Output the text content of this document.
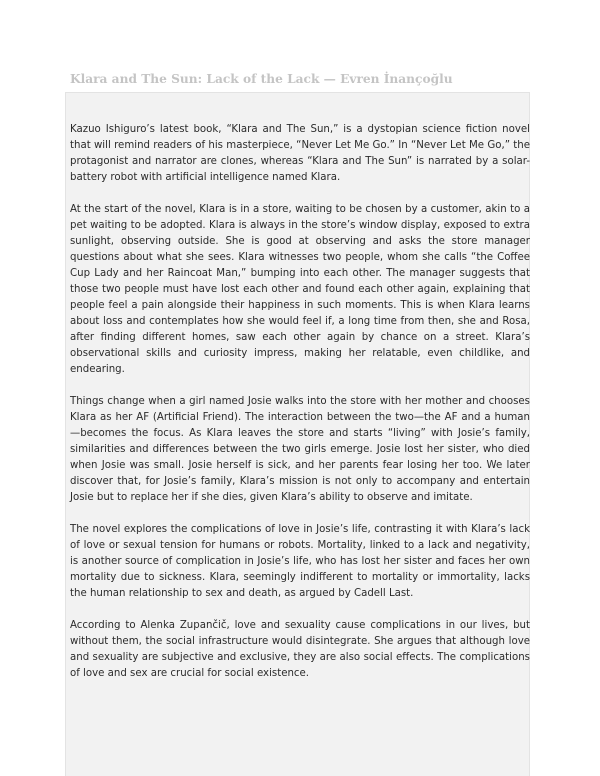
Klara and The Sun: Lack of the Lack — Evren İnançoğlu

Kazuo Ishiguro’s latest book, “Klara and The Sun,” is a dystopian science fiction novel that will remind readers of his masterpiece, “Never Let Me Go.” In “Never Let Me Go,” the protagonist and narrator are clones, whereas “Klara and The Sun” is narrated by a solar-battery robot with artificial intelligence named Klara.

At the start of the novel, Klara is in a store, waiting to be chosen by a customer, akin to a pet waiting to be adopted. Klara is always in the store’s window display, exposed to extra sunlight, observing outside. She is good at observing and asks the store manager questions about what she sees. Klara witnesses two people, whom she calls “the Coffee Cup Lady and her Raincoat Man,” bumping into each other. The manager suggests that those two people must have lost each other and found each other again, explaining that people feel a pain alongside their happiness in such moments. This is when Klara learns about loss and contemplates how she would feel if, a long time from then, she and Rosa, after finding different homes, saw each other again by chance on a street. Klara’s observational skills and curiosity impress, making her relatable, even childlike, and endearing.

Things change when a girl named Josie walks into the store with her mother and chooses Klara as her AF (Artificial Friend). The interaction between the two—the AF and a human—becomes the focus. As Klara leaves the store and starts “living” with Josie’s family, similarities and differences between the two girls emerge. Josie lost her sister, who died when Josie was small. Josie herself is sick, and her parents fear losing her too. We later discover that, for Josie’s family, Klara’s mission is not only to accompany and entertain Josie but to replace her if she dies, given Klara’s ability to observe and imitate.

The novel explores the complications of love in Josie’s life, contrasting it with Klara’s lack of love or sexual tension for humans or robots. Mortality, linked to a lack and negativity, is another source of complication in Josie’s life, who has lost her sister and faces her own mortality due to sickness. Klara, seemingly indifferent to mortality or immortality, lacks the human relationship to sex and death, as argued by Cadell Last.

According to Alenka Zupančič, love and sexuality cause complications in our lives, but without them, the social infrastructure would disintegrate. She argues that although love and sexuality are subjective and exclusive, they are also social effects. The complications of love and sex are crucial for social existence.
